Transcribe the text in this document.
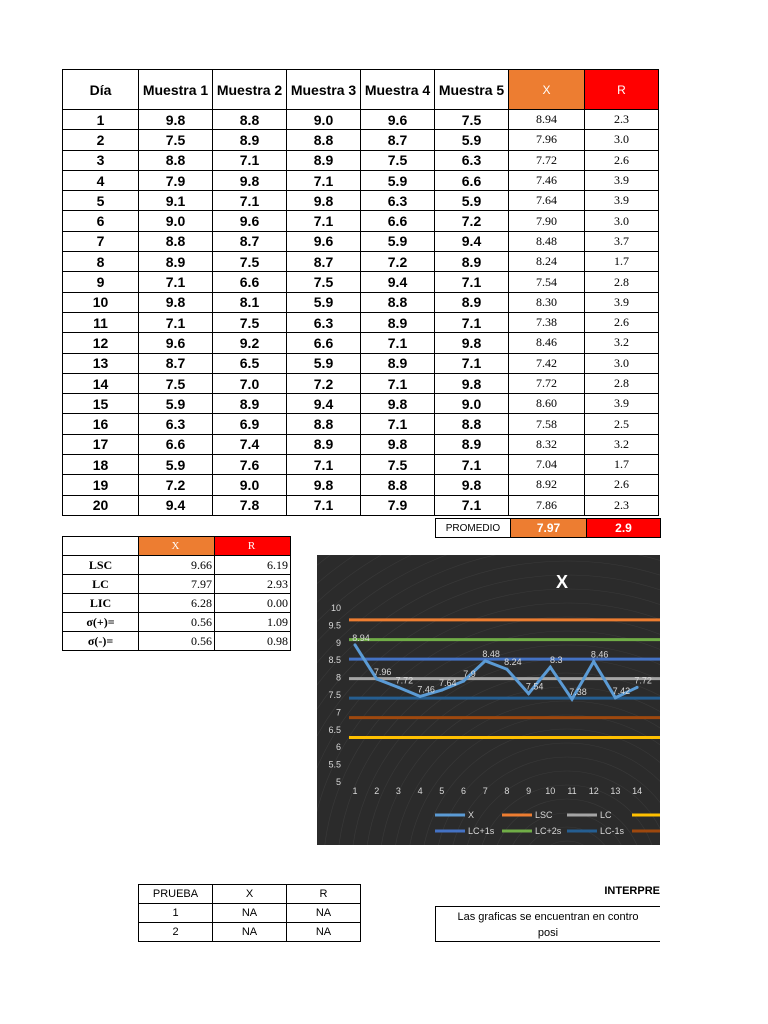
Día	Muestra 1	Muestra 2	Muestra 3	Muestra 4	Muestra 5	X	R
1	9.8	8.8	9.0	9.6	7.5	8.94	2.3
2	7.5	8.9	8.8	8.7	5.9	7.96	3.0
3	8.8	7.1	8.9	7.5	6.3	7.72	2.6
4	7.9	9.8	7.1	5.9	6.6	7.46	3.9
5	9.1	7.1	9.8	6.3	5.9	7.64	3.9
6	9.0	9.6	7.1	6.6	7.2	7.90	3.0
7	8.8	8.7	9.6	5.9	9.4	8.48	3.7
8	8.9	7.5	8.7	7.2	8.9	8.24	1.7
9	7.1	6.6	7.5	9.4	7.1	7.54	2.8
10	9.8	8.1	5.9	8.8	8.9	8.30	3.9
11	7.1	7.5	6.3	8.9	7.1	7.38	2.6
12	9.6	9.2	6.6	7.1	9.8	8.46	3.2
13	8.7	6.5	5.9	8.9	7.1	7.42	3.0
14	7.5	7.0	7.2	7.1	9.8	7.72	2.8
15	5.9	8.9	9.4	9.8	9.0	8.60	3.9
16	6.3	6.9	8.8	7.1	8.8	7.58	2.5
17	6.6	7.4	8.9	9.8	8.9	8.32	3.2
18	5.9	7.6	7.1	7.5	7.1	7.04	1.7
19	7.2	9.0	9.8	8.8	9.8	8.92	2.6
20	9.4	7.8	7.1	7.9	7.1	7.86	2.3
PROMEDIO	7.97	2.9
	X	R
LSC	9.66	6.19
LC	7.97	2.93
LIC	6.28	0.00
σ(+)=	0.56	1.09
σ(-)=	0.56	0.98
X
10
9.5
9
8.5
8
7.5
7
6.5
6
5.5
5
1 2 3 4 5 6 7 8 9 10 11 12 13 14
8.94
7.96
7.72
7.46
7.64
7.9
8.48
8.24
7.54
8.3
7.38
8.46
7.42
7.72
X	LSC	LC
LC+1s	LC+2s	LC-1s
PRUEBA	X	R
1	NA	NA
2	NA	NA
INTERPRE
Las graficas se encuentran en contro
posi
